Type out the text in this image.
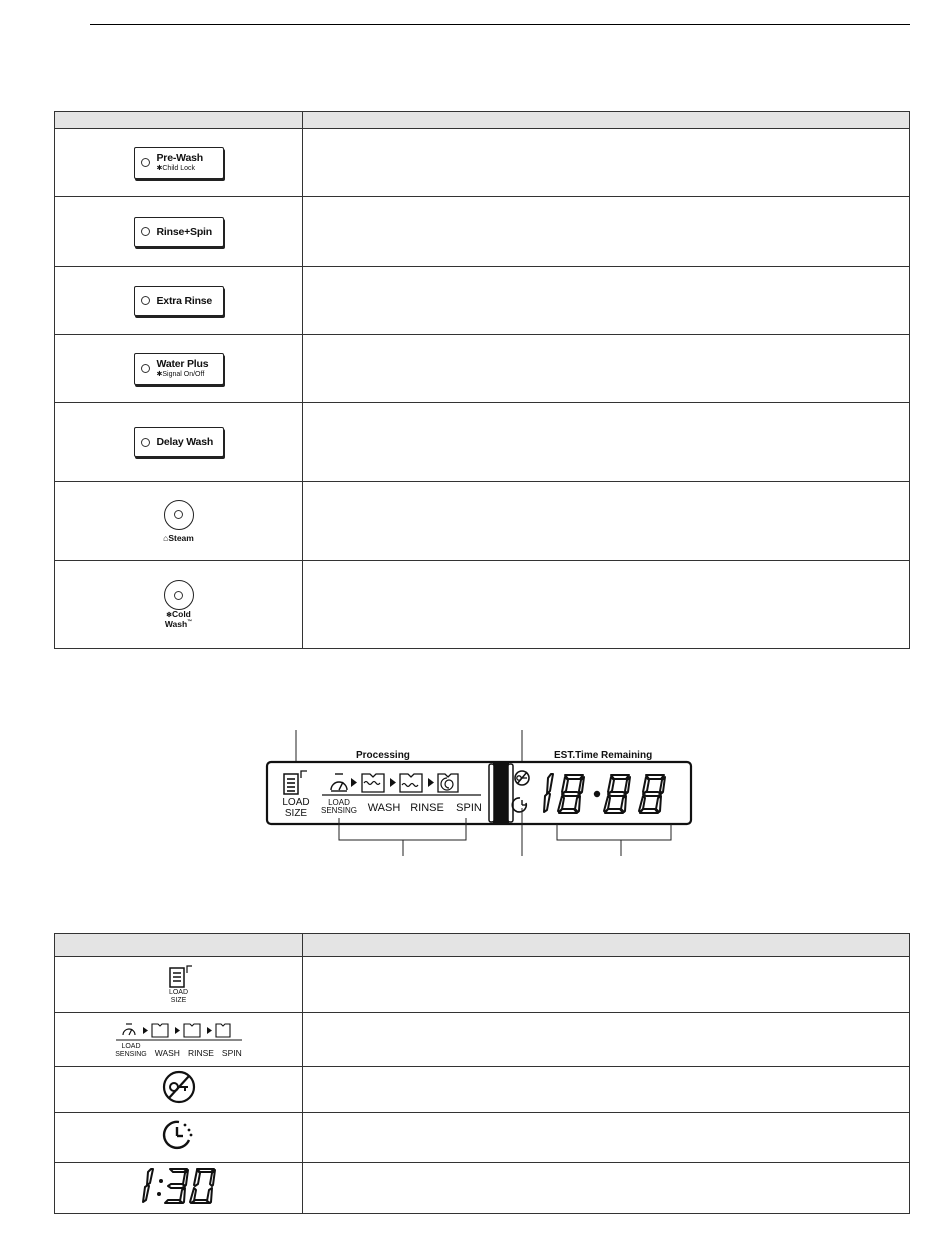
Pre-Wash
✱Child Lock	

Rinse+Spin	

Extra Rinse	

Water Plus
✱Signal On/Off	

Delay Wash	

⌂Steam	

❄Cold
Wash™

Processing	EST.Time Remaining
LOAD
SIZE
LOAD
SENSING WASH RINSE	SPIN

LOAD
SIZE	

LOAD
SENSING WASH RINSE SPIN	
